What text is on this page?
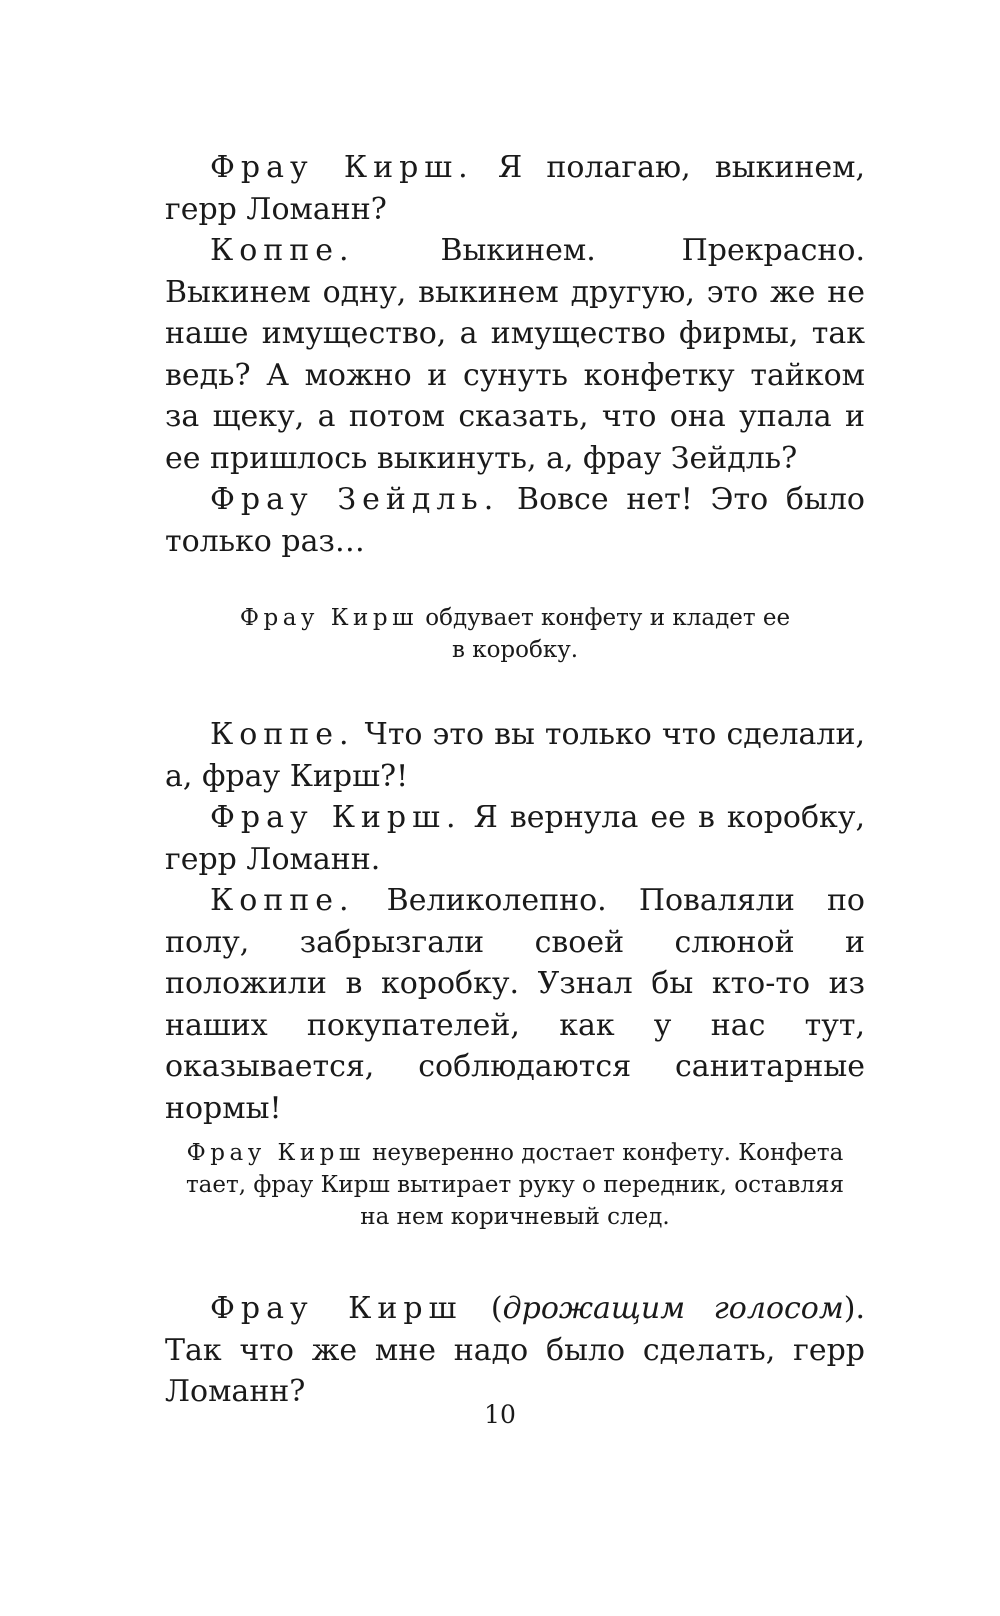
Фрау Кирш. Я полагаю, выкинем, герр Ломанн?

Коппе. Выкинем. Прекрасно. Выкинем одну, выкинем другую, это же не наше имущество, а имущество фирмы, так ведь? А можно и сунуть конфетку тайком за щеку, а потом сказать, что она упала и ее пришлось выкинуть, а, фрау Зейдль?

Фрау Зейдль. Вовсе нет! Это было только раз…

Фрау Кирш обдувает конфету и кладет ее в коробку.

Коппе. Что это вы только что сделали, а, фрау Кирш?!

Фрау Кирш. Я вернула ее в коробку, герр Ломанн.

Коппе. Великолепно. Поваляли по полу, забрызгали своей слюной и положили в коробку. Узнал бы кто-то из наших покупателей, как у нас тут, оказывается, соблюдаются санитарные нормы!

Фрау Кирш неуверенно достает конфету. Конфета тает, фрау Кирш вытирает руку о передник, оставляя на нем коричневый след.

Фрау Кирш (дрожащим голосом). Так что же мне надо было сделать, герр Ломанн?

10
